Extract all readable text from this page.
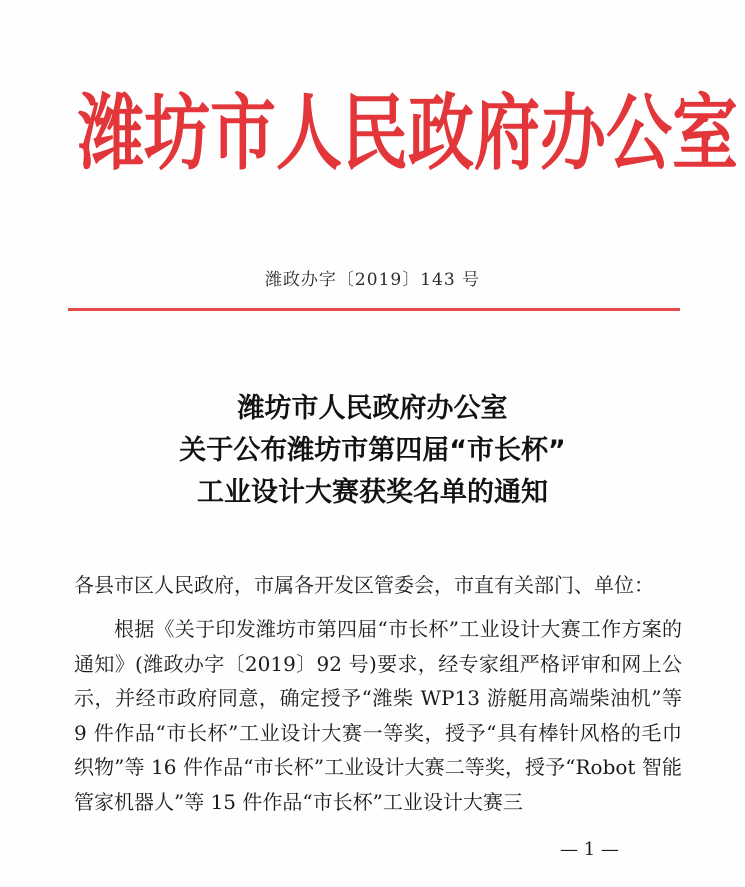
潍坊市人民政府办公室
潍政办字〔2019〕143 号
潍坊市人民政府办公室
关于公布潍坊市第四届“市长杯”
工业设计大赛获奖名单的通知
各县市区人民政府，市属各开发区管委会，市直有关部门、单位：
根据《关于印发潍坊市第四届“市长杯”工业设计大赛工作方案的通知》(潍政办字〔2019〕92 号)要求，经专家组严格评审和网上公示，并经市政府同意，确定授予“潍柴 WP13 游艇用高端柴油机”等 9 件作品“市长杯”工业设计大赛一等奖，授予“具有棒针风格的毛巾织物”等 16 件作品“市长杯”工业设计大赛二等奖，授予“Robot 智能管家机器人”等 15 件作品“市长杯”工业设计大赛三
— 1 —
